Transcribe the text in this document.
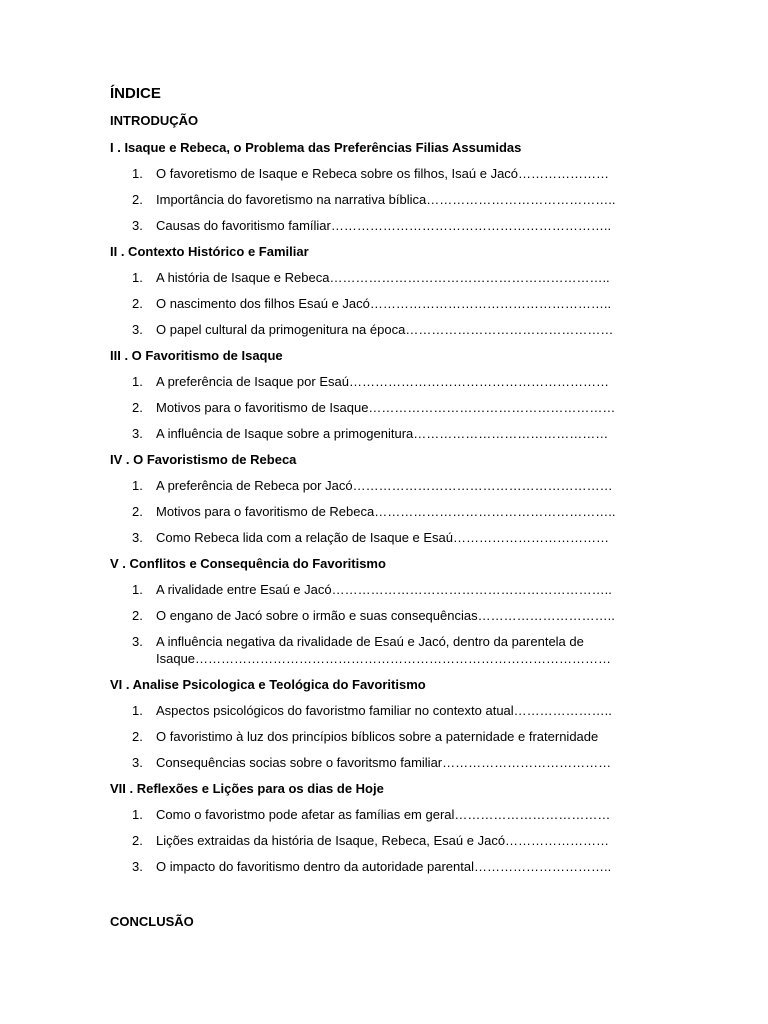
ÍNDICE
INTRODUÇÃO
I . Isaque e Rebeca, o Problema das Preferências Filias Assumidas
1.	O favoretismo de Isaque e Rebeca sobre os filhos, Isaú e Jacó…………………
2.	Importância do favoretismo na narrativa bíblica……………………………………..
3.	Causas do favoritismo famíliar………………………………………………………..
II . Contexto Histórico e Familiar
1.	A história de Isaque e Rebeca………………………………………………………..
2.	O nascimento dos filhos Esaú e Jacó………………………………………………..
3.	O papel cultural da primogenitura na época…………………………………………
III . O Favoritismo de Isaque
1.	A preferência de Isaque por Esaú……………………………………………………
2.	Motivos para o favoritismo de Isaque…………………………………………………
3.	A influência de Isaque sobre a primogenitura………………………………………
IV . O Favoristismo de Rebeca
1.	A preferência de Rebeca por Jacó……………………………………………………
2.	Motivos para o favoritismo de Rebeca………………………………………………..
3.	Como Rebeca lida com a relação de Isaque e Esaú………………………………
V . Conflitos e Consequência do Favoritismo
1.	A rivalidade entre Esaú e Jacó………………………………………………………..
2.	O engano de Jacó sobre o irmão e suas consequências…………………………..
3.	A influência negativa da rivalidade de Esaú e Jacó, dentro da parentela de Isaque……………………………………………………………………………………
VI . Analise Psicologica e Teológica do Favoritismo
1.	Aspectos psicológicos do favoristmo familiar no contexto atual…………………..
2.	O favoristimo à luz dos princípios bíblicos sobre a paternidade e fraternidade
3.	Consequências socias sobre o favoritsmo familiar…………………………………
VII . Reflexões e Lições para os dias de Hoje
1.	Como o favoristmo pode afetar as famílias em geral………………………………
2.	Lições extraidas da história de Isaque, Rebeca, Esaú e Jacó……………………
3.	O impacto do favoritismo dentro da autoridade parental…………………………..
CONCLUSÃO
